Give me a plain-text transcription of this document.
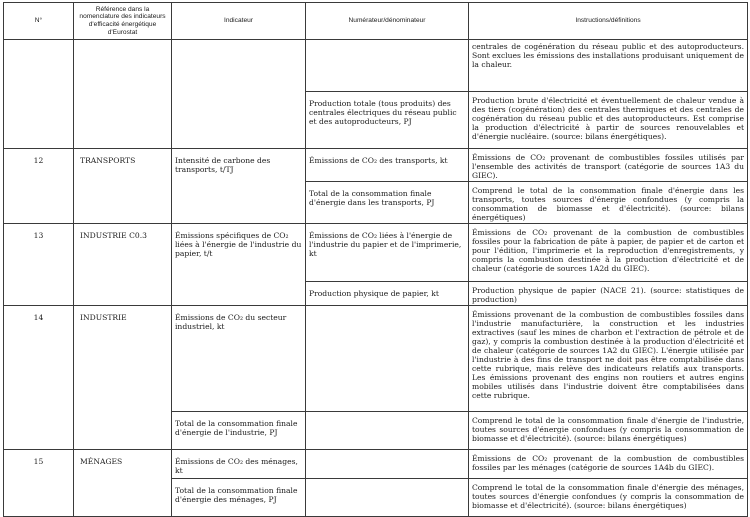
N°	Référence dans la nomenclature des indicateurs d'efficacité énergétique d'Eurostat	Indicateur	Numérateur/dénominateur	Instructions/définitions
				centrales de cogénération du réseau public et des autoproducteurs. Sont exclues les émissions des installations produisant uniquement de la chaleur.
			Production totale (tous produits) des centrales électriques du réseau public et des autoproducteurs, PJ	Production brute d'électricité et éventuellement de chaleur vendue à des tiers (cogénération) des centrales thermiques et des centrales de cogénération du réseau public et des autoproducteurs. Est comprise la production d'électricité à partir de sources renouvelables et d'énergie nucléaire. (source: bilans énergétiques).
12	TRANSPORTS	Intensité de carbone des transports, t/TJ	Émissions de CO₂ des transports, kt	Émissions de CO₂ provenant de combustibles fossiles utilisés par l'ensemble des activités de transport (catégorie de sources 1A3 du GIEC).
			Total de la consommation finale d'énergie dans les transports, PJ	Comprend le total de la consommation finale d'énergie dans les transports, toutes sources d'énergie confondues (y compris la consommation de biomasse et d'électricité). (source: bilans énergétiques)
13	INDUSTRIE C0.3	Émissions spécifiques de CO₂ liées à l'énergie de l'industrie du papier, t/t	Émissions de CO₂ liées à l'énergie de l'industrie du papier et de l'imprimerie, kt	Émissions de CO₂ provenant de la combustion de combustibles fossiles pour la fabrication de pâte à papier, de papier et de carton et pour l'édition, l'imprimerie et la reproduction d'enregistrements, y compris la combustion destinée à la production d'électricité et de chaleur (catégorie de sources 1A2d du GIEC).
			Production physique de papier, kt	Production physique de papier (NACE 21). (source: statistiques de production)
14	INDUSTRIE	Émissions de CO₂ du secteur industriel, kt		Émissions provenant de la combustion de combustibles fossiles dans l'industrie manufacturière, la construction et les industries extractives (sauf les mines de charbon et l'extraction de pétrole et de gaz), y compris la combustion destinée à la production d'électricité et de chaleur (catégorie de sources 1A2 du GIEC). L'énergie utilisée par l'industrie à des fins de transport ne doit pas être comptabilisée dans cette rubrique, mais relève des indicateurs relatifs aux transports. Les émissions provenant des engins non routiers et autres engins mobiles utilisés dans l'industrie doivent être comptabilisées dans cette rubrique.
		Total de la consommation finale d'énergie de l'industrie, PJ		Comprend le total de la consommation finale d'énergie de l'industrie, toutes sources d'énergie confondues (y compris la consommation de biomasse et d'électricité). (source: bilans énergétiques)
15	MÉNAGES	Émissions de CO₂ des ménages, kt		Émissions de CO₂ provenant de la combustion de combustibles fossiles par les ménages (catégorie de sources 1A4b du GIEC).
		Total de la consommation finale d'énergie des ménages, PJ		Comprend le total de la consommation finale d'énergie des ménages, toutes sources d'énergie confondues (y compris la consommation de biomasse et d'électricité). (source: bilans énergétiques)
